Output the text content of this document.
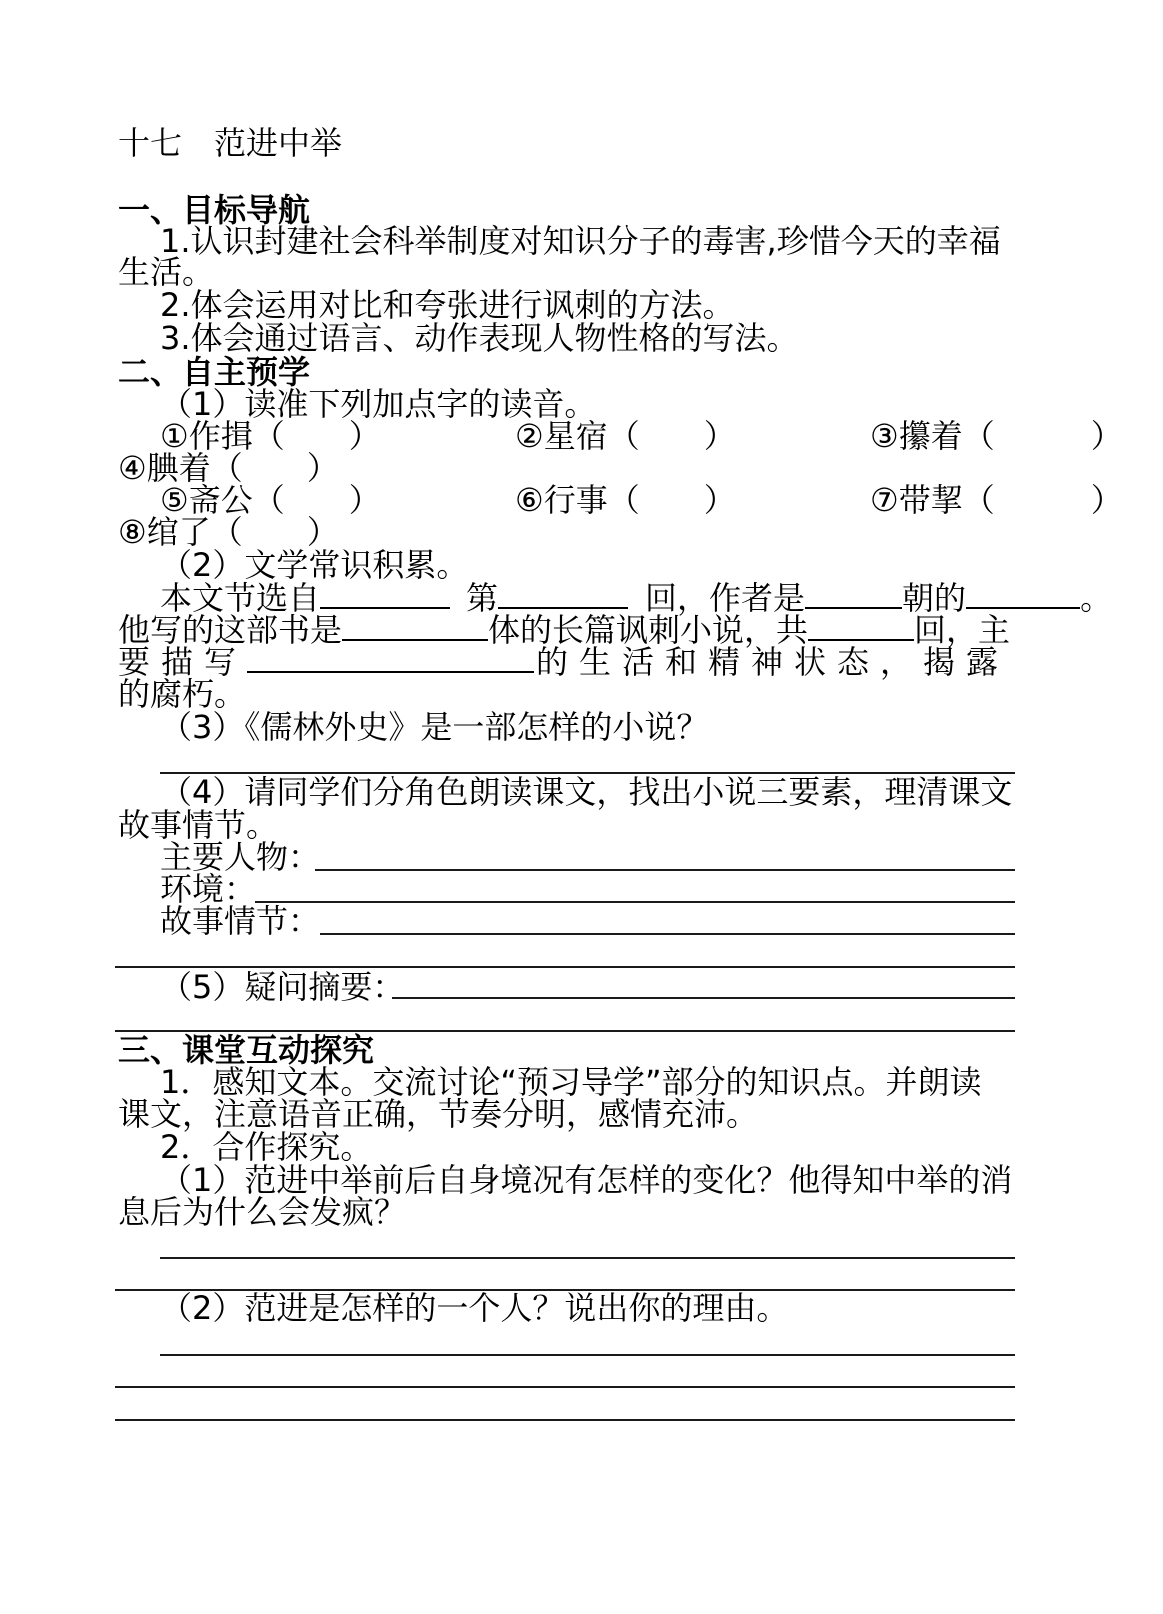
十七　范进中举
一、目标导航
1.认识封建社会科举制度对知识分子的毒害,珍惜今天的幸福
生活。
2.体会运用对比和夸张进行讽刺的方法。
3.体会通过语言、动作表现人物性格的写法。
二、自主预学
（1）读准下列加点字的读音。
①作揖（　　）	②星宿（　　）	③攥着（　　　）
④腆着（　　）
⑤斋公（　　）	⑥行事（　　）	⑦带挈（　　　）
⑧绾了（　　）
（2）文学常识积累。
本文节选自	第	回，作者是	朝的	。
他写的这部书是	体的长篇讽刺小说，共	回，主
要描写	的生活和精神状态，揭露
的腐朽。
（3）《儒林外史》是一部怎样的小说？
（4）请同学们分角色朗读课文，找出小说三要素，理清课文
故事情节。
主要人物：
环境：
故事情节：
（5）疑问摘要：
三、课堂互动探究
1．感知文本。交流讨论“预习导学”部分的知识点。并朗读
课文，注意语音正确，节奏分明，感情充沛。
2．合作探究。
（1）范进中举前后自身境况有怎样的变化？他得知中举的消
息后为什么会发疯？
（2）范进是怎样的一个人？说出你的理由。
